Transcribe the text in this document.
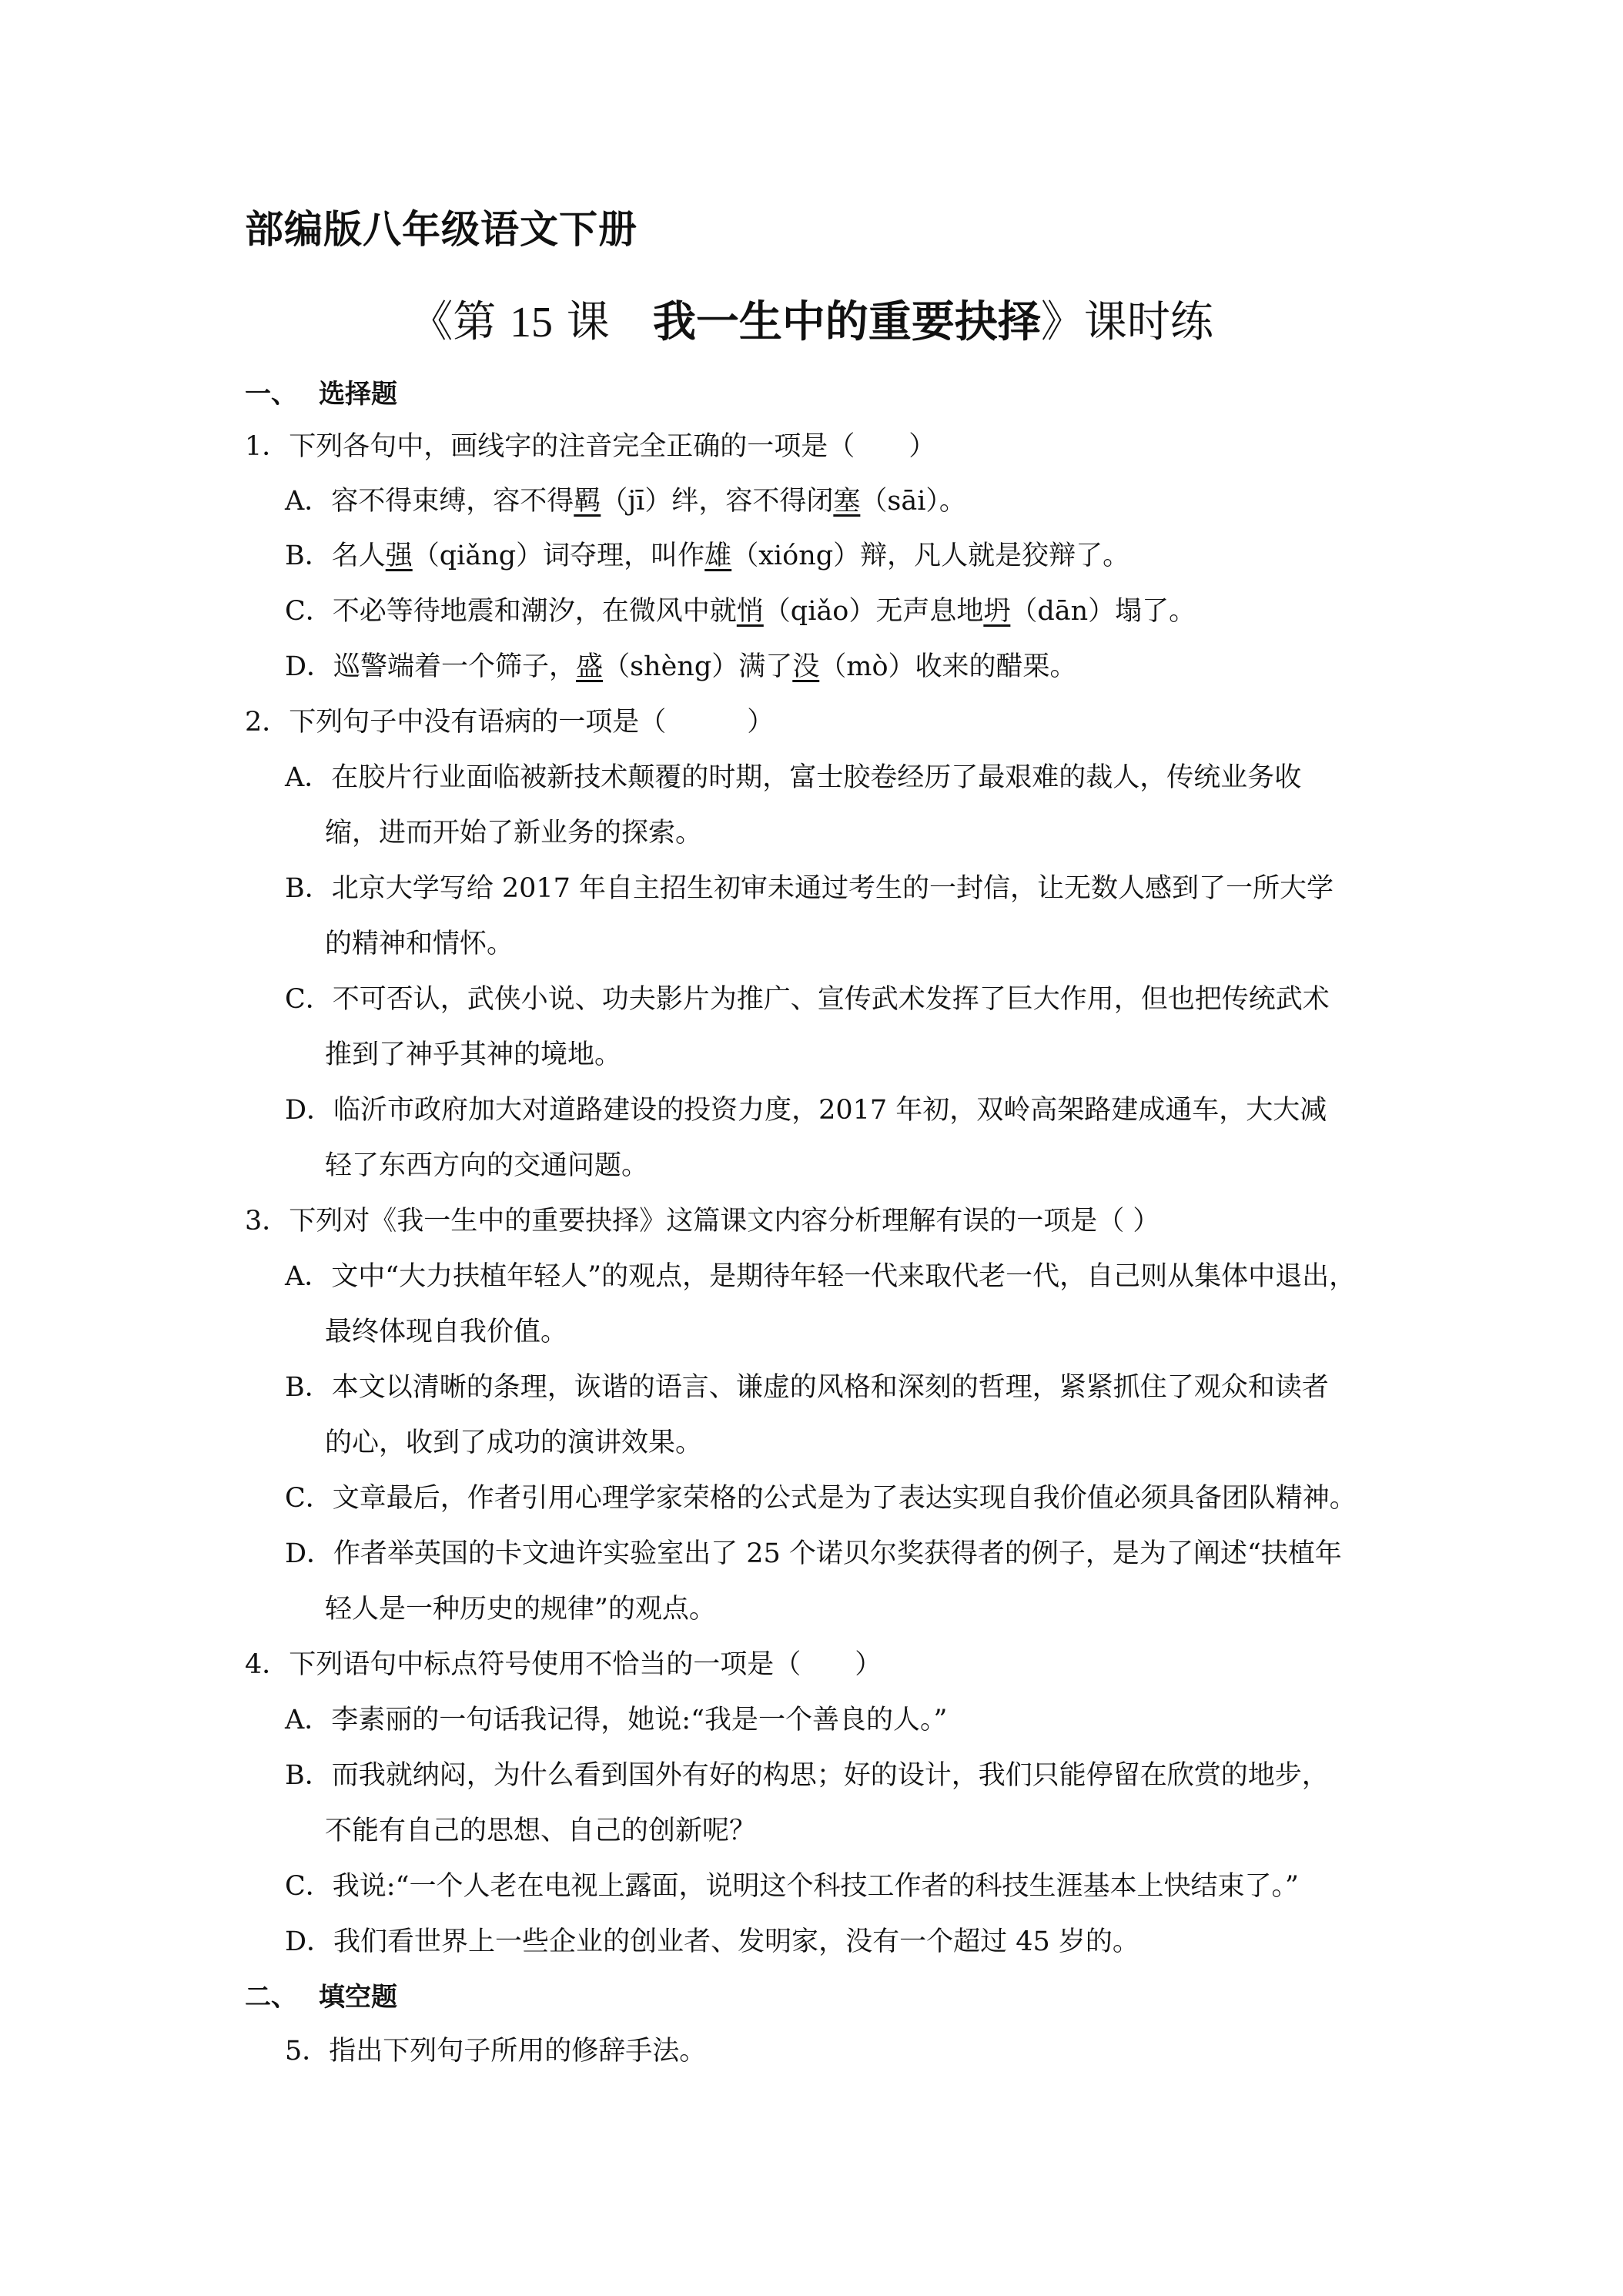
部编版八年级语文下册
《第 15 课　我一生中的重要抉择》课时练
一、 选择题
1．下列各句中，画线字的注音完全正确的一项是（　　）
A．容不得束缚，容不得羁（jī）绊，容不得闭塞（sāi）。
B．名人强（qiǎng）词夺理，叫作雄（xióng）辩，凡人就是狡辩了。
C．不必等待地震和潮汐，在微风中就悄（qiǎo）无声息地坍（dān）塌了。
D．巡警端着一个筛子，盛（shèng）满了没（mò）收来的醋栗。
2．下列句子中没有语病的一项是（　　　）
A．在胶片行业面临被新技术颠覆的时期，富士胶卷经历了最艰难的裁人，传统业务收
缩，进而开始了新业务的探索。
B．北京大学写给 2017 年自主招生初审未通过考生的一封信，让无数人感到了一所大学
的精神和情怀。
C．不可否认，武侠小说、功夫影片为推广、宣传武术发挥了巨大作用，但也把传统武术
推到了神乎其神的境地。
D．临沂市政府加大对道路建设的投资力度，2017 年初，双岭高架路建成通车，大大减
轻了东西方向的交通问题。
3．下列对《我一生中的重要抉择》这篇课文内容分析理解有误的一项是（ ）
A．文中“大力扶植年轻人”的观点，是期待年轻一代来取代老一代，自己则从集体中退出，
最终体现自我价值。
B．本文以清晰的条理，诙谐的语言、谦虚的风格和深刻的哲理，紧紧抓住了观众和读者
的心，收到了成功的演讲效果。
C．文章最后，作者引用心理学家荣格的公式是为了表达实现自我价值必须具备团队精神。
D．作者举英国的卡文迪许实验室出了 25 个诺贝尔奖获得者的例子，是为了阐述“扶植年
轻人是一种历史的规律”的观点。
4．下列语句中标点符号使用不恰当的一项是（　　）
A．李素丽的一句话我记得，她说:“我是一个善良的人。”
B．而我就纳闷，为什么看到国外有好的构思；好的设计，我们只能停留在欣赏的地步，
不能有自己的思想、自己的创新呢？
C．我说:“一个人老在电视上露面，说明这个科技工作者的科技生涯基本上快结束了。”
D．我们看世界上一些企业的创业者、发明家，没有一个超过 45 岁的。
二、 填空题
5．指出下列句子所用的修辞手法。
